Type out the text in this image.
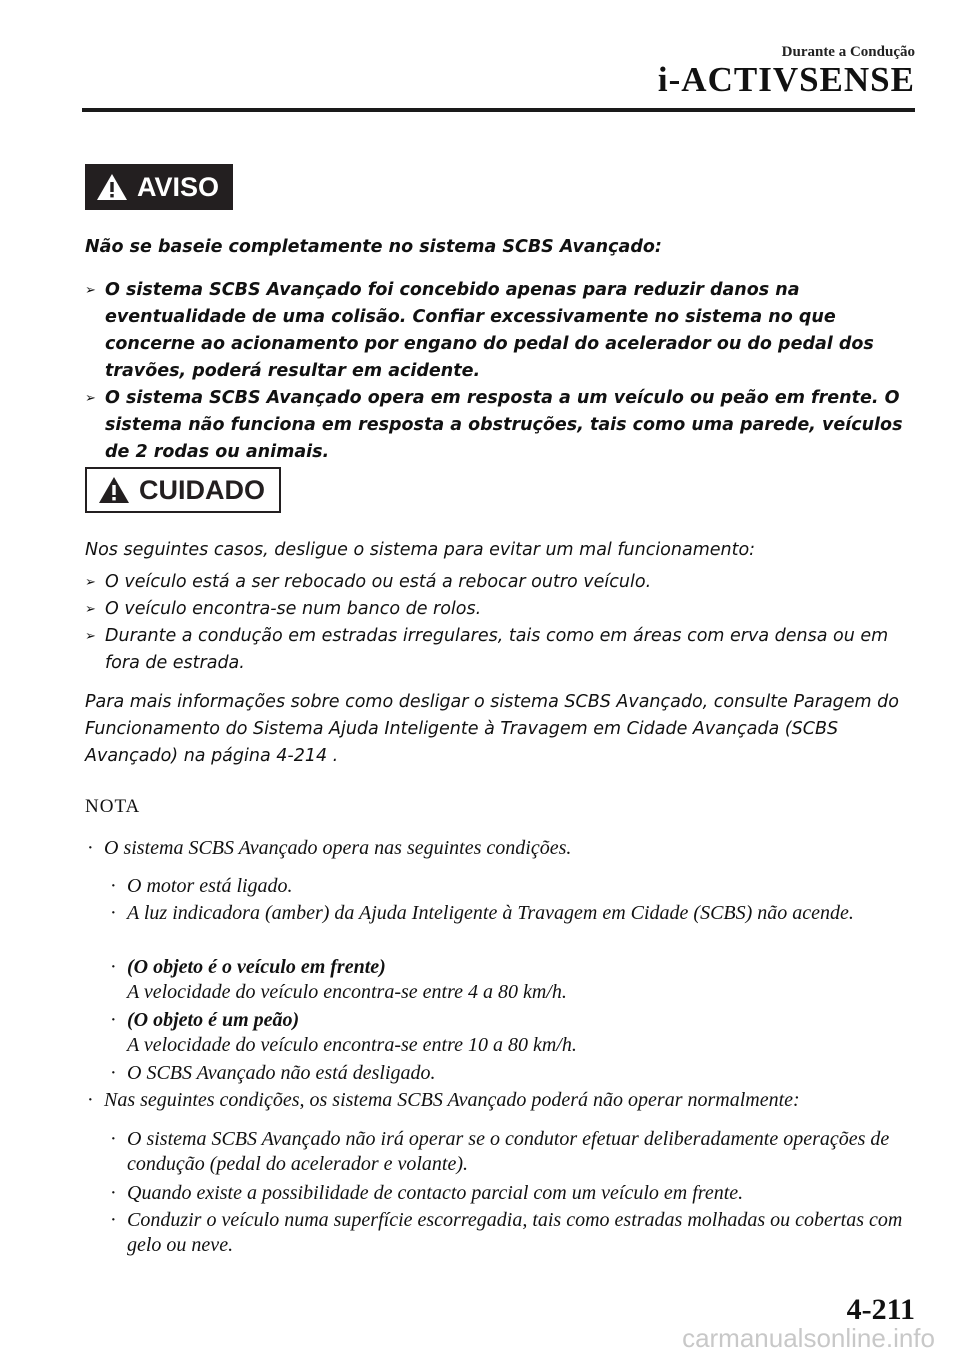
Durante a Condução
i-ACTIVSENSE
AVISO
Não se baseie completamente no sistema SCBS Avançado:
➢ O sistema SCBS Avançado foi concebido apenas para reduzir danos na eventualidade de uma colisão. Confiar excessivamente no sistema no que concerne ao acionamento por engano do pedal do acelerador ou do pedal dos travões, poderá resultar em acidente.
➢ O sistema SCBS Avançado opera em resposta a um veículo ou peão em frente. O sistema não funciona em resposta a obstruções, tais como uma parede, veículos de 2 rodas ou animais.
CUIDADO
Nos seguintes casos, desligue o sistema para evitar um mal funcionamento:
➢ O veículo está a ser rebocado ou está a rebocar outro veículo.
➢ O veículo encontra-se num banco de rolos.
➢ Durante a condução em estradas irregulares, tais como em áreas com erva densa ou em fora de estrada.
Para mais informações sobre como desligar o sistema SCBS Avançado, consulte Paragem do Funcionamento do Sistema Ajuda Inteligente à Travagem em Cidade Avançada (SCBS Avançado) na página 4-214 .
NOTA
· O sistema SCBS Avançado opera nas seguintes condições.
· O motor está ligado.
· A luz indicadora (amber) da Ajuda Inteligente à Travagem em Cidade (SCBS) não acende.
· (O objeto é o veículo em frente)
A velocidade do veículo encontra-se entre 4 a 80 km/h.
· (O objeto é um peão)
A velocidade do veículo encontra-se entre 10 a 80 km/h.
· O SCBS Avançado não está desligado.
· Nas seguintes condições, os sistema SCBS Avançado poderá não operar normalmente:
· O sistema SCBS Avançado não irá operar se o condutor efetuar deliberadamente operações de condução (pedal do acelerador e volante).
· Quando existe a possibilidade de contacto parcial com um veículo em frente.
· Conduzir o veículo numa superfície escorregadia, tais como estradas molhadas ou cobertas com gelo ou neve.
4-211
carmanualsonline.info
